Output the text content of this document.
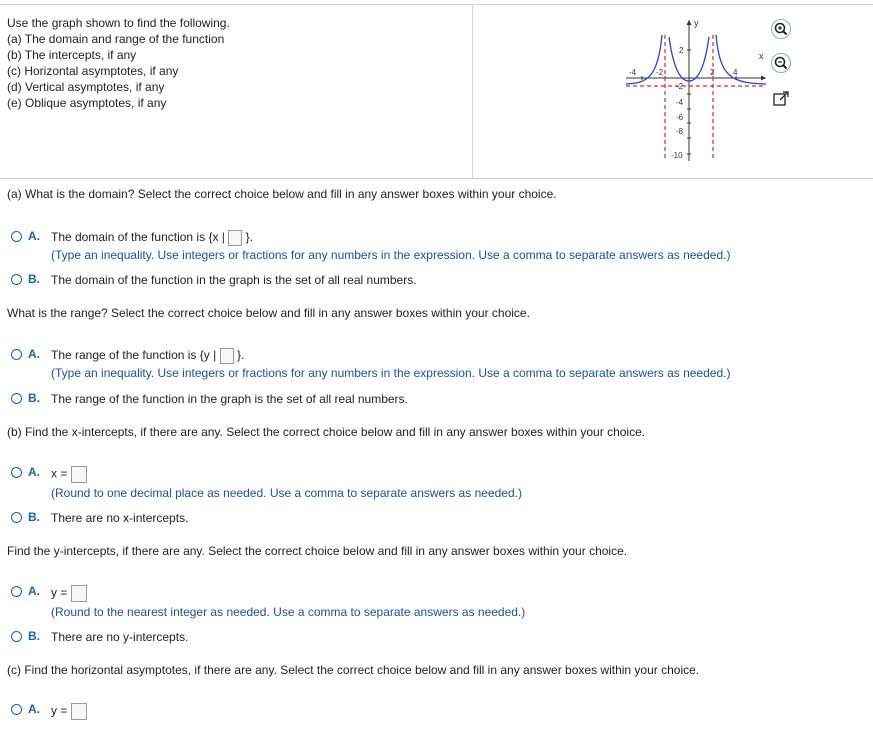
Use the graph shown to find the following.
(a) The domain and range of the function
(b) The intercepts, if any
(c) Horizontal asymptotes, if any
(d) Vertical asymptotes, if any
(e) Oblique asymptotes, if any
y
x
-4 -2	2 4
2
-2
-4
-6
-8
-10
(a) What is the domain? Select the correct choice below and fill in any answer boxes within your choice.
A. The domain of the function is {x | }.
(Type an inequality. Use integers or fractions for any numbers in the expression. Use a comma to separate answers as needed.)
B. The domain of the function in the graph is the set of all real numbers.
What is the range? Select the correct choice below and fill in any answer boxes within your choice.
A. The range of the function is {y | }.
(Type an inequality. Use integers or fractions for any numbers in the expression. Use a comma to separate answers as needed.)
B. The range of the function in the graph is the set of all real numbers.
(b) Find the x-intercepts, if there are any. Select the correct choice below and fill in any answer boxes within your choice.
A. x =
(Round to one decimal place as needed. Use a comma to separate answers as needed.)
B. There are no x-intercepts.
Find the y-intercepts, if there are any. Select the correct choice below and fill in any answer boxes within your choice.
A. y =
(Round to the nearest integer as needed. Use a comma to separate answers as needed.)
B. There are no y-intercepts.
(c) Find the horizontal asymptotes, if there are any. Select the correct choice below and fill in any answer boxes within your choice.
A. y =
